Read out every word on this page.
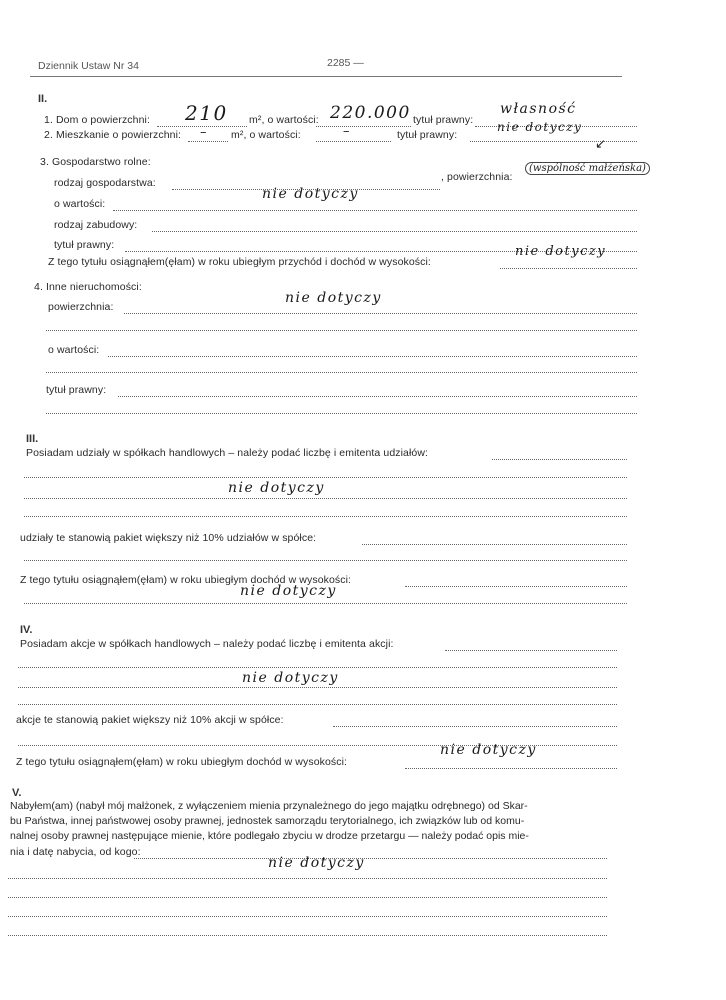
Dziennik Ustaw Nr 34	2285 —
II.
1. Dom o powierzchni: 210 m², o wartości: 220.000 tytuł prawny:
własność
2. Mieszkanie o powierzchni: – m², o wartości:	–	tytuł prawny:
nie dotyczy
↙
3. Gospodarstwo rolne:
rodzaj gospodarstwa:	, powierzchnia:
(wspólność małżeńska)
o wartości:
nie dotyczy
rodzaj zabudowy:
tytuł prawny:
Z tego tytułu osiągnąłem(ęłam) w roku ubiegłym przychód i dochód w wysokości:
nie dotyczy
4. Inne nieruchomości:
powierzchnia:
nie dotyczy
o wartości:
tytuł prawny:
III.
Posiadam udziały w spółkach handlowych – należy podać liczbę i emitenta udziałów:
nie dotyczy
udziały te stanowią pakiet większy niż 10% udziałów w spółce:
Z tego tytułu osiągnąłem(ęłam) w roku ubiegłym dochód w wysokości:
nie dotyczy
IV.
Posiadam akcje w spółkach handlowych – należy podać liczbę i emitenta akcji:
nie dotyczy
akcje te stanowią pakiet większy niż 10% akcji w spółce:
Z tego tytułu osiągnąłem(ęłam) w roku ubiegłym dochód w wysokości:
nie dotyczy
V.
Nabyłem(am) (nabył mój małżonek, z wyłączeniem mienia przynależnego do jego majątku odrębnego) od Skar-
bu Państwa, innej państwowej osoby prawnej, jednostek samorządu terytorialnego, ich związków lub od komu-
nalnej osoby prawnej następujące mienie, które podlegało zbyciu w drodze przetargu — należy podać opis mie-
nia i datę nabycia, od kogo:
nie dotyczy
